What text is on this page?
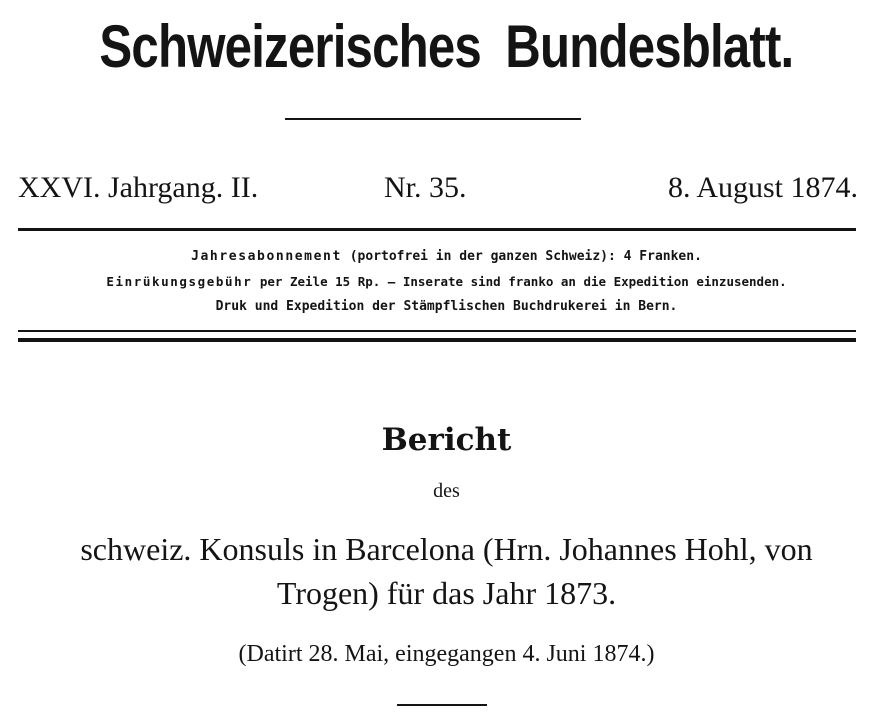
Schweizerisches Bundesblatt.
XXVI. Jahrgang. II.	Nr. 35.	8. August 1874.
Jahresabonnement (portofrei in der ganzen Schweiz): 4 Franken.
Einrükungsgebühr per Zeile 15 Rp. — Inserate sind franko an die Expedition einzusenden.
Druk und Expedition der Stämpflischen Buchdrukerei in Bern.
Bericht
des
schweiz. Konsuls in Barcelona (Hrn. Johannes Hohl, von
Trogen) für das Jahr 1873.
(Datirt 28. Mai, eingegangen 4. Juni 1874.)
